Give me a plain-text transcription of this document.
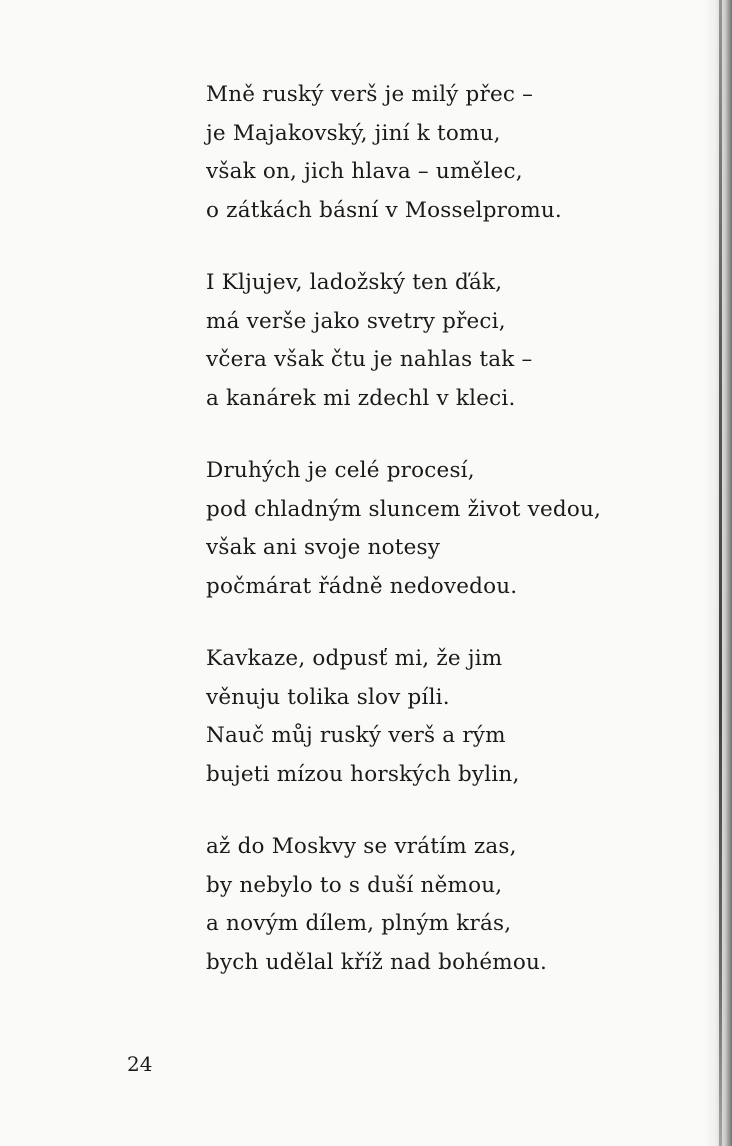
Mně ruský verš je milý přec –
je Majakovský, jiní k tomu,
však on, jich hlava – umělec,
o zátkách básní v Mosselpromu.
I Kljujev, ladožský ten ďák,
má verše jako svetry přeci,
včera však čtu je nahlas tak –
a kanárek mi zdechl v kleci.
Druhých je celé procesí,
pod chladným sluncem život vedou,
však ani svoje notesy
počmárat řádně nedovedou.
Kavkaze, odpusť mi, že jim
věnuju tolika slov píli.
Nauč můj ruský verš a rým
bujeti mízou horských bylin,
až do Moskvy se vrátím zas,
by nebylo to s duší němou,
a novým dílem, plným krás,
bych udělal kříž nad bohémou.
24
